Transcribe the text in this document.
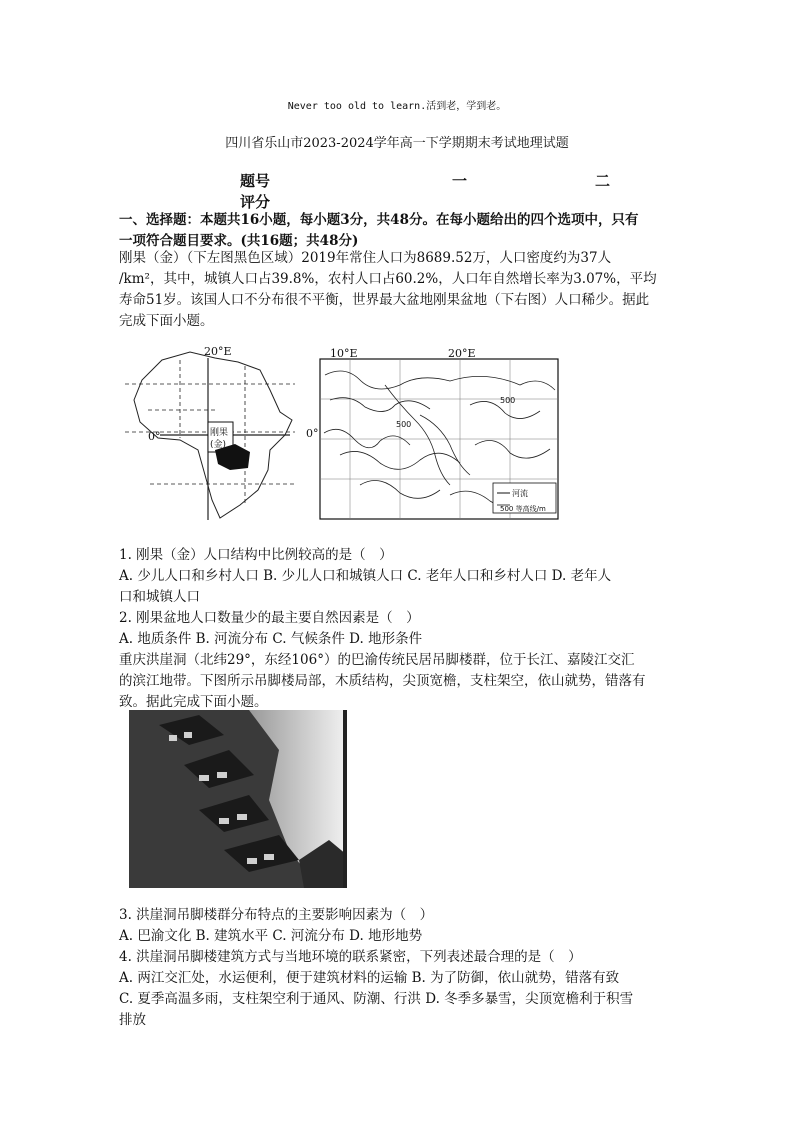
Never too old to learn.活到老，学到老。
四川省乐山市2023-2024学年高一下学期期末考试地理试题
题号	一	二
评分
一、选择题：本题共16小题，每小题3分，共48分。在每小题给出的四个选项中，只有
一项符合题目要求。(共16题；共48分)
刚果（金）（下左图黑色区域）2019年常住人口为8689.52万，人口密度约为37人
/km²，其中，城镇人口占39.8%，农村人口占60.2%，人口年自然增长率为3.07%，平均
寿命51岁。该国人口不分布很不平衡，世界最大盆地刚果盆地（下右图）人口稀少。据此
完成下面小题。
20°E
0°	刚果
(金)
河流
500 等高线/m
10°E	20°E
0°
500
500
1. 刚果（金）人口结构中比例较高的是（　）
A. 少儿人口和乡村人口 B. 少儿人口和城镇人口 C. 老年人口和乡村人口 D. 老年人
口和城镇人口
2. 刚果盆地人口数量少的最主要自然因素是（　）
A. 地质条件 B. 河流分布 C. 气候条件 D. 地形条件
重庆洪崖洞（北纬29°，东经106°）的巴渝传统民居吊脚楼群，位于长江、嘉陵江交汇
的滨江地带。下图所示吊脚楼局部，木质结构，尖顶宽檐，支柱架空，依山就势，错落有
致。据此完成下面小题。
3. 洪崖洞吊脚楼群分布特点的主要影响因素为（　）
A. 巴渝文化 B. 建筑水平 C. 河流分布 D. 地形地势
4. 洪崖洞吊脚楼建筑方式与当地环境的联系紧密，下列表述最合理的是（　）
A. 两江交汇处，水运便利，便于建筑材料的运输 B. 为了防御，依山就势，错落有致
C. 夏季高温多雨，支柱架空利于通风、防潮、行洪 D. 冬季多暴雪，尖顶宽檐利于积雪
排放
